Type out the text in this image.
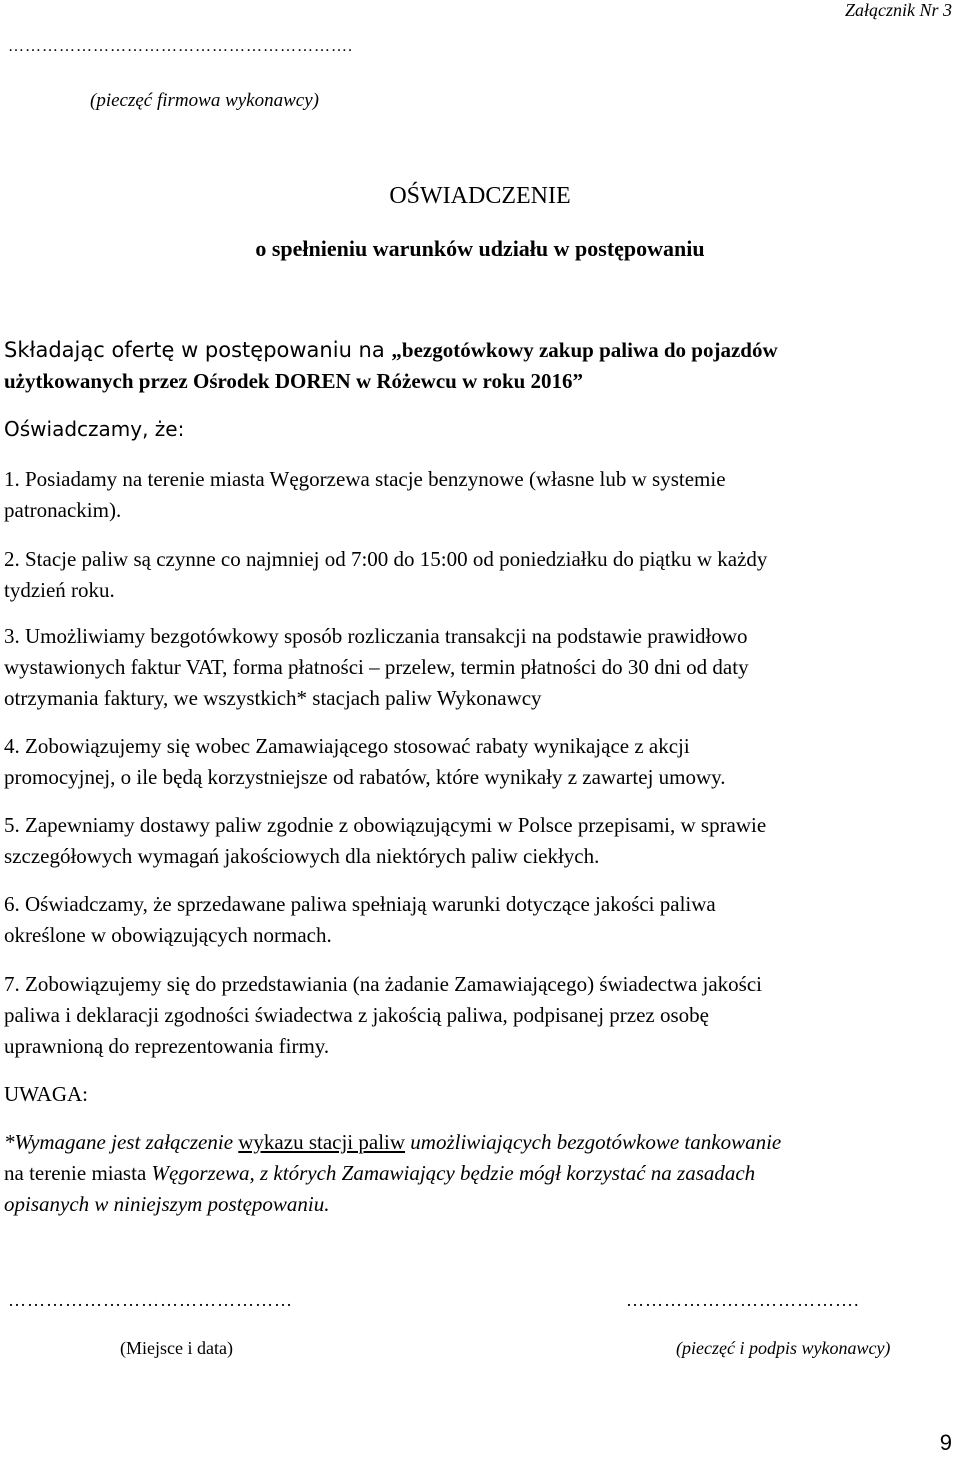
Załącznik Nr 3
…………………………………………………….
(pieczęć firmowa wykonawcy)
OŚWIADCZENIE
o spełnieniu warunków udziału w postępowaniu
Składając ofertę w postępowaniu na „bezgotówkowy zakup paliwa do pojazdów
użytkowanych przez Ośrodek DOREN w Różewcu w roku 2016”
Oświadczamy, że:
1. Posiadamy na terenie miasta Węgorzewa stacje benzynowe (własne lub w systemie
patronackim).
2. Stacje paliw są czynne co najmniej od 7:00 do 15:00 od poniedziałku do piątku w każdy
tydzień roku.
3. Umożliwiamy bezgotówkowy sposób rozliczania transakcji na podstawie prawidłowo
wystawionych faktur VAT, forma płatności – przelew, termin płatności do 30 dni od daty
otrzymania faktury, we wszystkich* stacjach paliw Wykonawcy
4. Zobowiązujemy się wobec Zamawiającego stosować rabaty wynikające z akcji
promocyjnej, o ile będą korzystniejsze od rabatów, które wynikały z zawartej umowy.
5. Zapewniamy dostawy paliw zgodnie z obowiązującymi w Polsce przepisami, w sprawie
szczegółowych wymagań jakościowych dla niektórych paliw ciekłych.
6. Oświadczamy, że sprzedawane paliwa spełniają warunki dotyczące jakości paliwa
określone w obowiązujących normach.
7. Zobowiązujemy się do przedstawiania (na żadanie Zamawiającego) świadectwa jakości
paliwa i deklaracji zgodności świadectwa z jakością paliwa, podpisanej przez osobę
uprawnioną do reprezentowania firmy.
UWAGA:
*Wymagane jest załączenie wykazu stacji paliw umożliwiających bezgotówkowe tankowanie
na terenie miasta Węgorzewa, z których Zamawiający będzie mógł korzystać na zasadach
opisanych w niniejszym postępowaniu.
………………………………………	……………………………….
(Miejsce i data)	(pieczęć i podpis wykonawcy)
9
